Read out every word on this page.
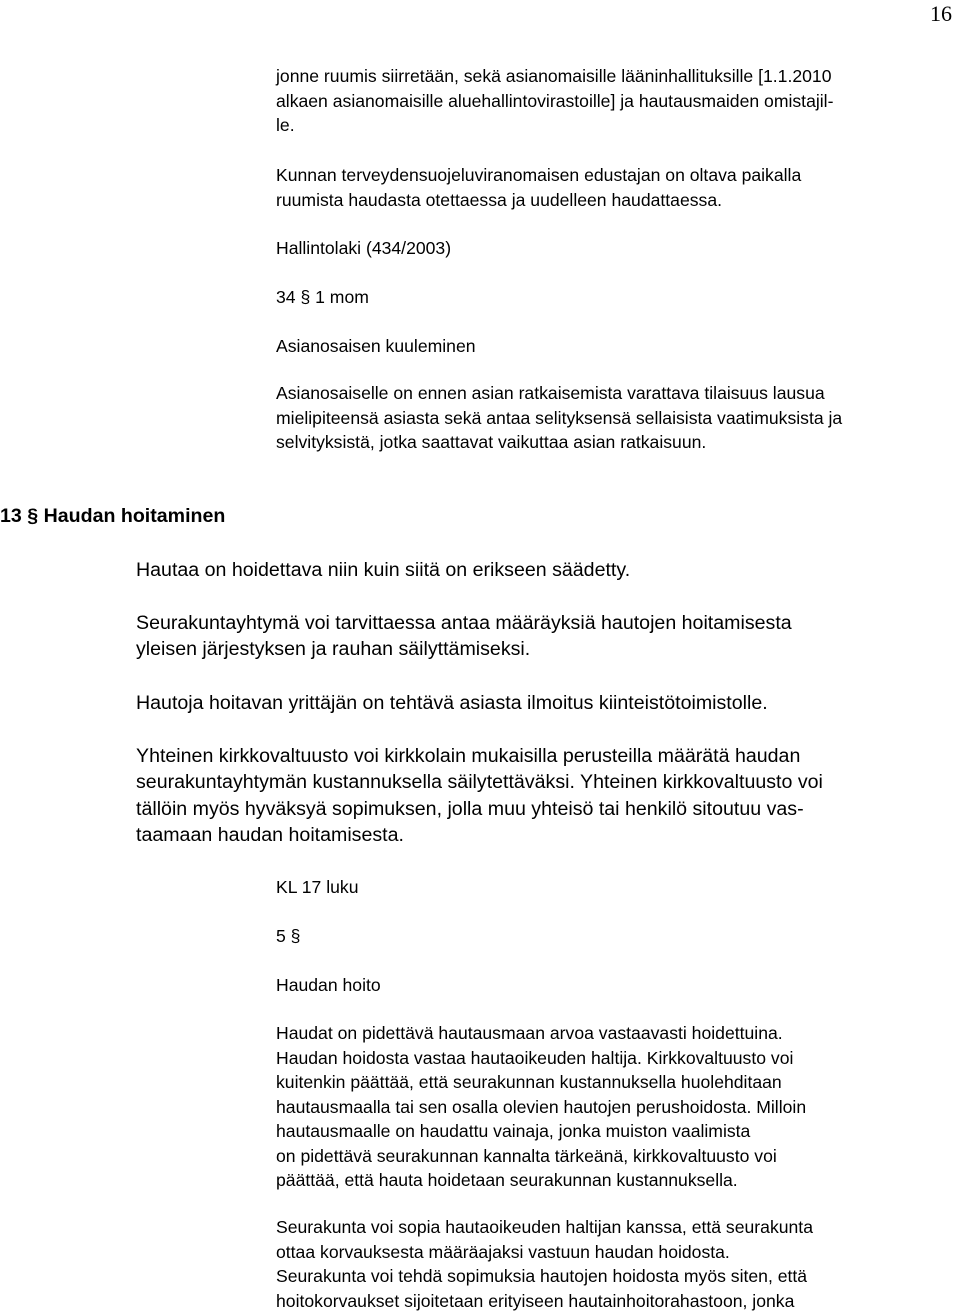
16
jonne ruumis siirretään, sekä asianomaisille lääninhallituksille [1.1.2010
alkaen asianomaisille aluehallintovirastoille] ja hautausmaiden omistajil-
le.
Kunnan terveydensuojeluviranomaisen edustajan on oltava paikalla
ruumista haudasta otettaessa ja uudelleen haudattaessa.
Hallintolaki (434/2003)
34 § 1 mom
Asianosaisen kuuleminen
Asianosaiselle on ennen asian ratkaisemista varattava tilaisuus lausua
mielipiteensä asiasta sekä antaa selityksensä sellaisista vaatimuksista ja
selvityksistä, jotka saattavat vaikuttaa asian ratkaisuun.
13 § Haudan hoitaminen
Hautaa on hoidettava niin kuin siitä on erikseen säädetty.
Seurakuntayhtymä voi tarvittaessa antaa määräyksiä hautojen hoitamisesta
yleisen järjestyksen ja rauhan säilyttämiseksi.
Hautoja hoitavan yrittäjän on tehtävä asiasta ilmoitus kiinteistötoimistolle.
Yhteinen kirkkovaltuusto voi kirkkolain mukaisilla perusteilla määrätä haudan
seurakuntayhtymän kustannuksella säilytettäväksi. Yhteinen kirkkovaltuusto voi
tällöin myös hyväksyä sopimuksen, jolla muu yhteisö tai henkilö sitoutuu vas-
taamaan haudan hoitamisesta.
KL 17 luku
5 §
Haudan hoito
Haudat on pidettävä hautausmaan arvoa vastaavasti hoidettuina.
Haudan hoidosta vastaa hautaoikeuden haltija. Kirkkovaltuusto voi
kuitenkin päättää, että seurakunnan kustannuksella huolehditaan
hautausmaalla tai sen osalla olevien hautojen perushoidosta. Milloin
hautausmaalle on haudattu vainaja, jonka muiston vaalimista
on pidettävä seurakunnan kannalta tärkeänä, kirkkovaltuusto voi
päättää, että hauta hoidetaan seurakunnan kustannuksella.
Seurakunta voi sopia hautaoikeuden haltijan kanssa, että seurakunta
ottaa korvauksesta määräajaksi vastuun haudan hoidosta.
Seurakunta voi tehdä sopimuksia hautojen hoidosta myös siten, että
hoitokorvaukset sijoitetaan erityiseen hautainhoitorahastoon, jonka
